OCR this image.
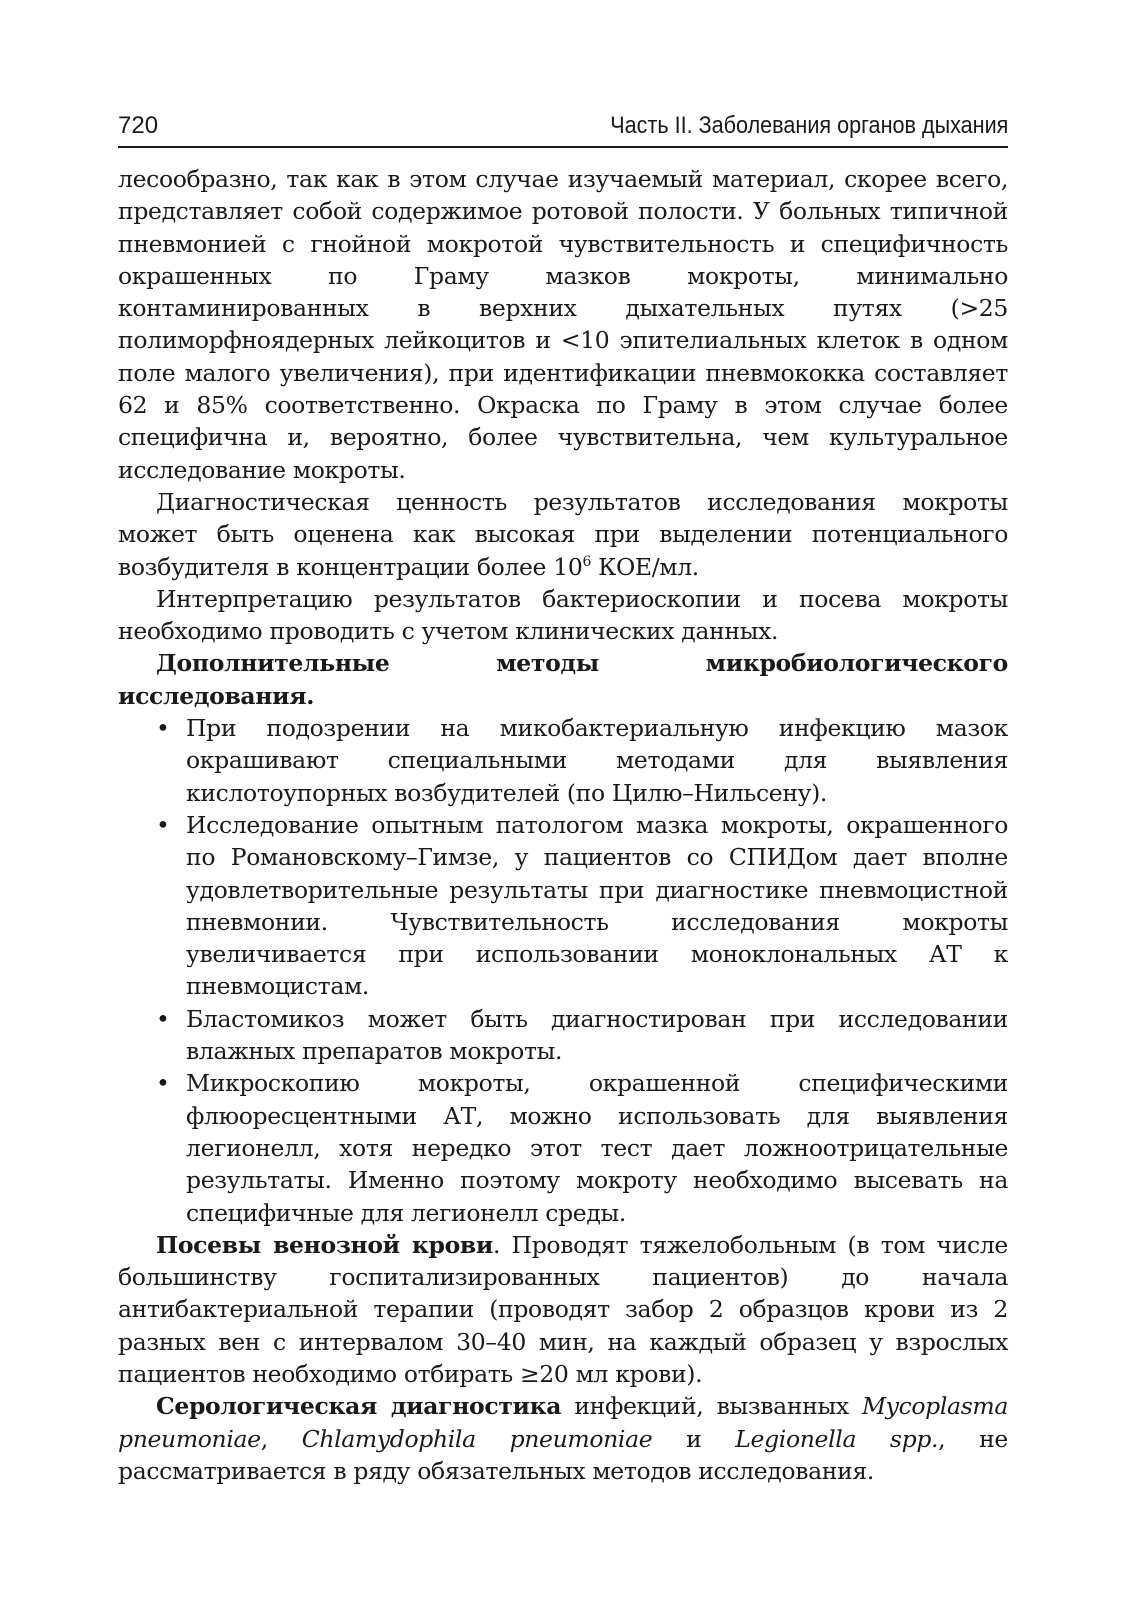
720	Часть II. Заболевания органов дыхания

лесообразно, так как в этом случае изучаемый материал, скорее всего, представляет собой содержимое ротовой полости. У больных типичной пневмонией с гнойной мокротой чувствительность и специфичность окрашенных по Граму мазков мокроты, минимально контаминированных в верхних дыхательных путях (>25 полиморфноядерных лейкоцитов и <10 эпителиальных клеток в одном поле малого увеличения), при идентификации пневмококка составляет 62 и 85% соответственно. Окраска по Граму в этом случае более специфична и, вероятно, более чувствительна, чем культуральное исследование мокроты.

Диагностическая ценность результатов исследования мокроты может быть оценена как высокая при выделении потенциального возбудителя в концентрации более $10^6$ КОЕ/мл.

Интерпретацию результатов бактериоскопии и посева мокроты необходимо проводить с учетом клинических данных.

Дополнительные методы микробиологического исследования.

• При подозрении на микобактериальную инфекцию мазок окрашивают специальными методами для выявления кислотоупорных возбудителей (по Цилю–Нильсену).
• Исследование опытным патологом мазка мокроты, окрашенного по Романовскому–Гимзе, у пациентов со СПИДом дает вполне удовлетворительные результаты при диагностике пневмоцистной пневмонии. Чувствительность исследования мокроты увеличивается при использовании моноклональных АТ к пневмоцистам.
• Бластомикоз может быть диагностирован при исследовании влажных препаратов мокроты.
• Микроскопию мокроты, окрашенной специфическими флюоресцентными АТ, можно использовать для выявления легионелл, хотя нередко этот тест дает ложноотрицательные результаты. Именно поэтому мокроту необходимо высевать на специфичные для легионелл среды.

Посевы венозной крови. Проводят тяжелобольным (в том числе большинству госпитализированных пациентов) до начала антибактериальной терапии (проводят забор 2 образцов крови из 2 разных вен с интервалом 30–40 мин, на каждый образец у взрослых пациентов необходимо отбирать ≥20 мл крови).

Серологическая диагностика инфекций, вызванных Mycoplasma pneumoniae, Chlamydophila pneumoniae и Legionella spp., не рассматривается в ряду обязательных методов исследования.
